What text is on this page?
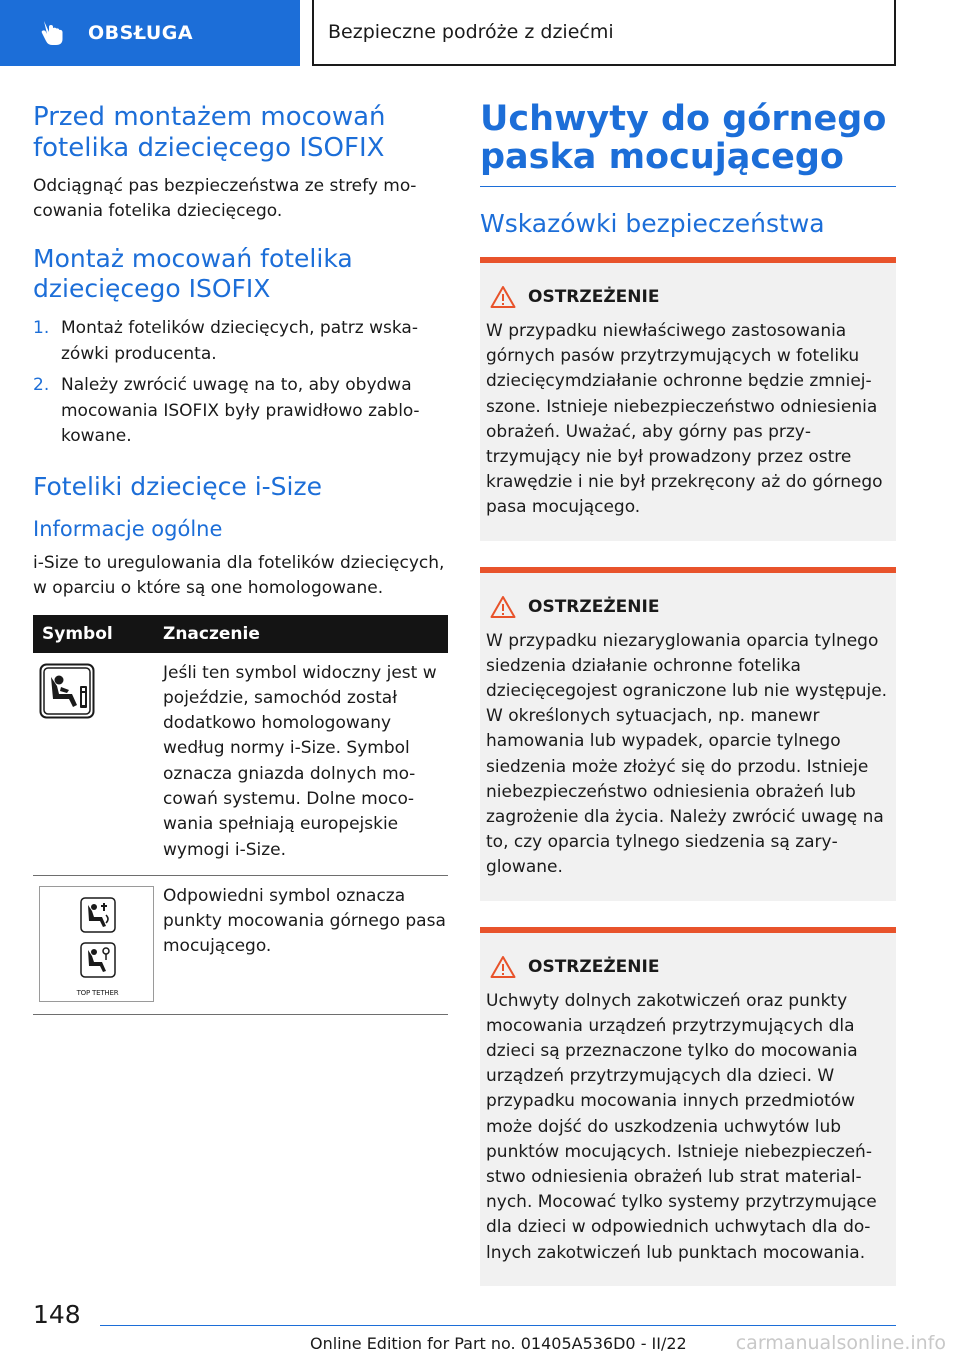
OBSŁUGA	Bezpieczne podróże z dziećmi
Przed montażem mocowań fotelika dziecięcego ISOFIX

Odciągnąć pas bezpieczeństwa ze strefy mocowania fotelika dziecięcego.

Montaż mocowań fotelika dziecięcego ISOFIX
1. Montaż fotelików dziecięcych, patrz wskazówki producenta.
2. Należy zwrócić uwagę na to, aby obydwa mocowania ISOFIX były prawidłowo zablokowane.
Foteliki dziecięce i-Size
Informacje ogólne

i-Size to uregulowania dla fotelików dziecięcych, w oparciu o które są one homologowane.

Symbol	Znaczenie
	Jeśli ten symbol widoczny jest w pojeździe, samochód został dodatkowo homologowany według normy i-Size. Symbol oznacza gniazda dolnych mocowań systemu. Dolne mocowania spełniają europejskie wymogi i-Size.

TOP TETHER	Odpowiedni symbol oznacza punkty mocowania górnego pasa mocującego.
Uchwyty do górnego paska mocującego
Wskazówki bezpieczeństwa
OSTRZEŻENIE

W przypadku niewłaściwego zastosowania górnych pasów przytrzymujących w foteliku dziecięcymdziałanie ochronne będzie zmniejszone. Istnieje niebezpieczeństwo odniesienia obrażeń. Uważać, aby górny pas przytrzymujący nie był prowadzony przez ostre krawędzie i nie był przekręcony aż do górnego pasa mocującego.

OSTRZEŻENIE

W przypadku niezaryglowania oparcia tylnego siedzenia działanie ochronne fotelika dziecięcegojest ograniczone lub nie występuje. W określonych sytuacjach, np. manewr hamowania lub wypadek, oparcie tylnego siedzenia może złożyć się do przodu. Istnieje niebezpieczeństwo odniesienia obrażeń lub zagrożenie dla życia. Należy zwrócić uwagę na to, czy oparcia tylnego siedzenia są zaryglowane.

OSTRZEŻENIE

Uchwyty dolnych zakotwiczeń oraz punkty mocowania urządzeń przytrzymujących dla dzieci są przeznaczone tylko do mocowania urządzeń przytrzymujących dla dzieci. W przypadku mocowania innych przedmiotów może dojść do uszkodzenia uchwytów lub punktów mocujących. Istnieje niebezpieczeństwo odniesienia obrażeń lub strat materialnych. Mocować tylko systemy przytrzymujące dla dzieci w odpowiednich uchwytach dla dolnych zakotwiczeń lub punktach mocowania.

148
Online Edition for Part no. 01405A536D0 - II/22	carmanualsonline.info
